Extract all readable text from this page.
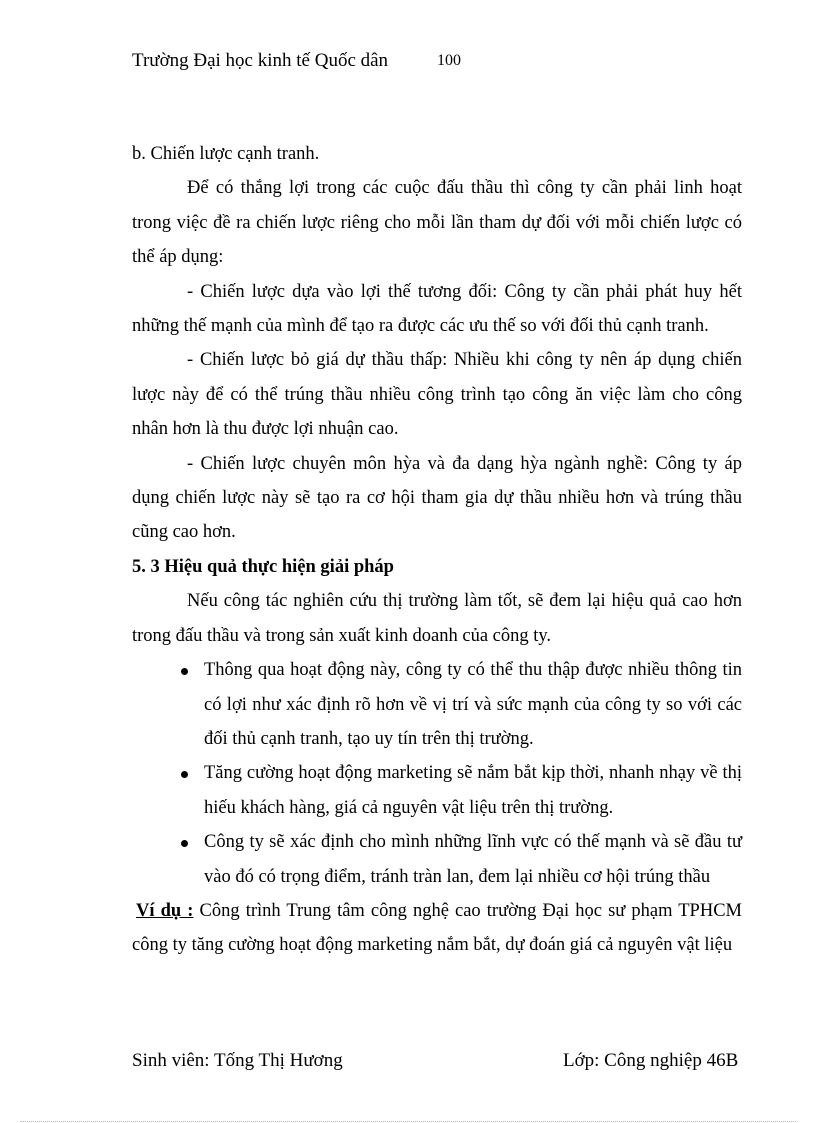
Trường Đại học kinh tế Quốc dân	100

b. Chiến lược cạnh tranh.

Để có thắng lợi trong các cuộc đấu thầu thì công ty cần phải linh hoạt trong việc đề ra chiến lược riêng cho mỗi lần tham dự đối với mỗi chiến lược có thể áp dụng:

- Chiến lược dựa vào lợi thế tương đối: Công ty cần phải phát huy hết những thế mạnh của mình để tạo ra được các ưu thế so với đối thủ cạnh tranh.

- Chiến lược bỏ giá dự thầu thấp: Nhiều khi công ty nên áp dụng chiến lược này để có thể trúng thầu nhiều công trình tạo công ăn việc làm cho công nhân hơn là thu được lợi nhuận cao.

- Chiến lược chuyên môn hỳa và đa dạng hỳa ngành nghề: Công ty áp dụng chiến lược này sẽ tạo ra cơ hội tham gia dự thầu nhiều hơn và trúng thầu cũng cao hơn.

5. 3 Hiệu quả thực hiện giải pháp

Nếu công tác nghiên cứu thị trường làm tốt, sẽ đem lại hiệu quả cao hơn trong đấu thầu và trong sản xuất kinh doanh của công ty.

Thông qua hoạt động này, công ty có thể thu thập được nhiều thông tin có lợi như xác định rõ hơn về vị trí và sức mạnh của công ty so với các đối thủ cạnh tranh, tạo uy tín trên thị trường.
Tăng cường hoạt động marketing sẽ nắm bắt kịp thời, nhanh nhạy về thị hiếu khách hàng, giá cả nguyên vật liệu trên thị trường.
Công ty sẽ xác định cho mình những lĩnh vực có thế mạnh và sẽ đầu tư vào đó có trọng điểm, tránh tràn lan, đem lại nhiều cơ hội trúng thầu

Ví dụ : Công trình Trung tâm công nghệ cao trường Đại học sư phạm TPHCM công ty tăng cường hoạt động marketing nắm bắt, dự đoán giá cả nguyên vật liệu

Sinh viên: Tống Thị Hương	Lớp: Công nghiệp 46B
